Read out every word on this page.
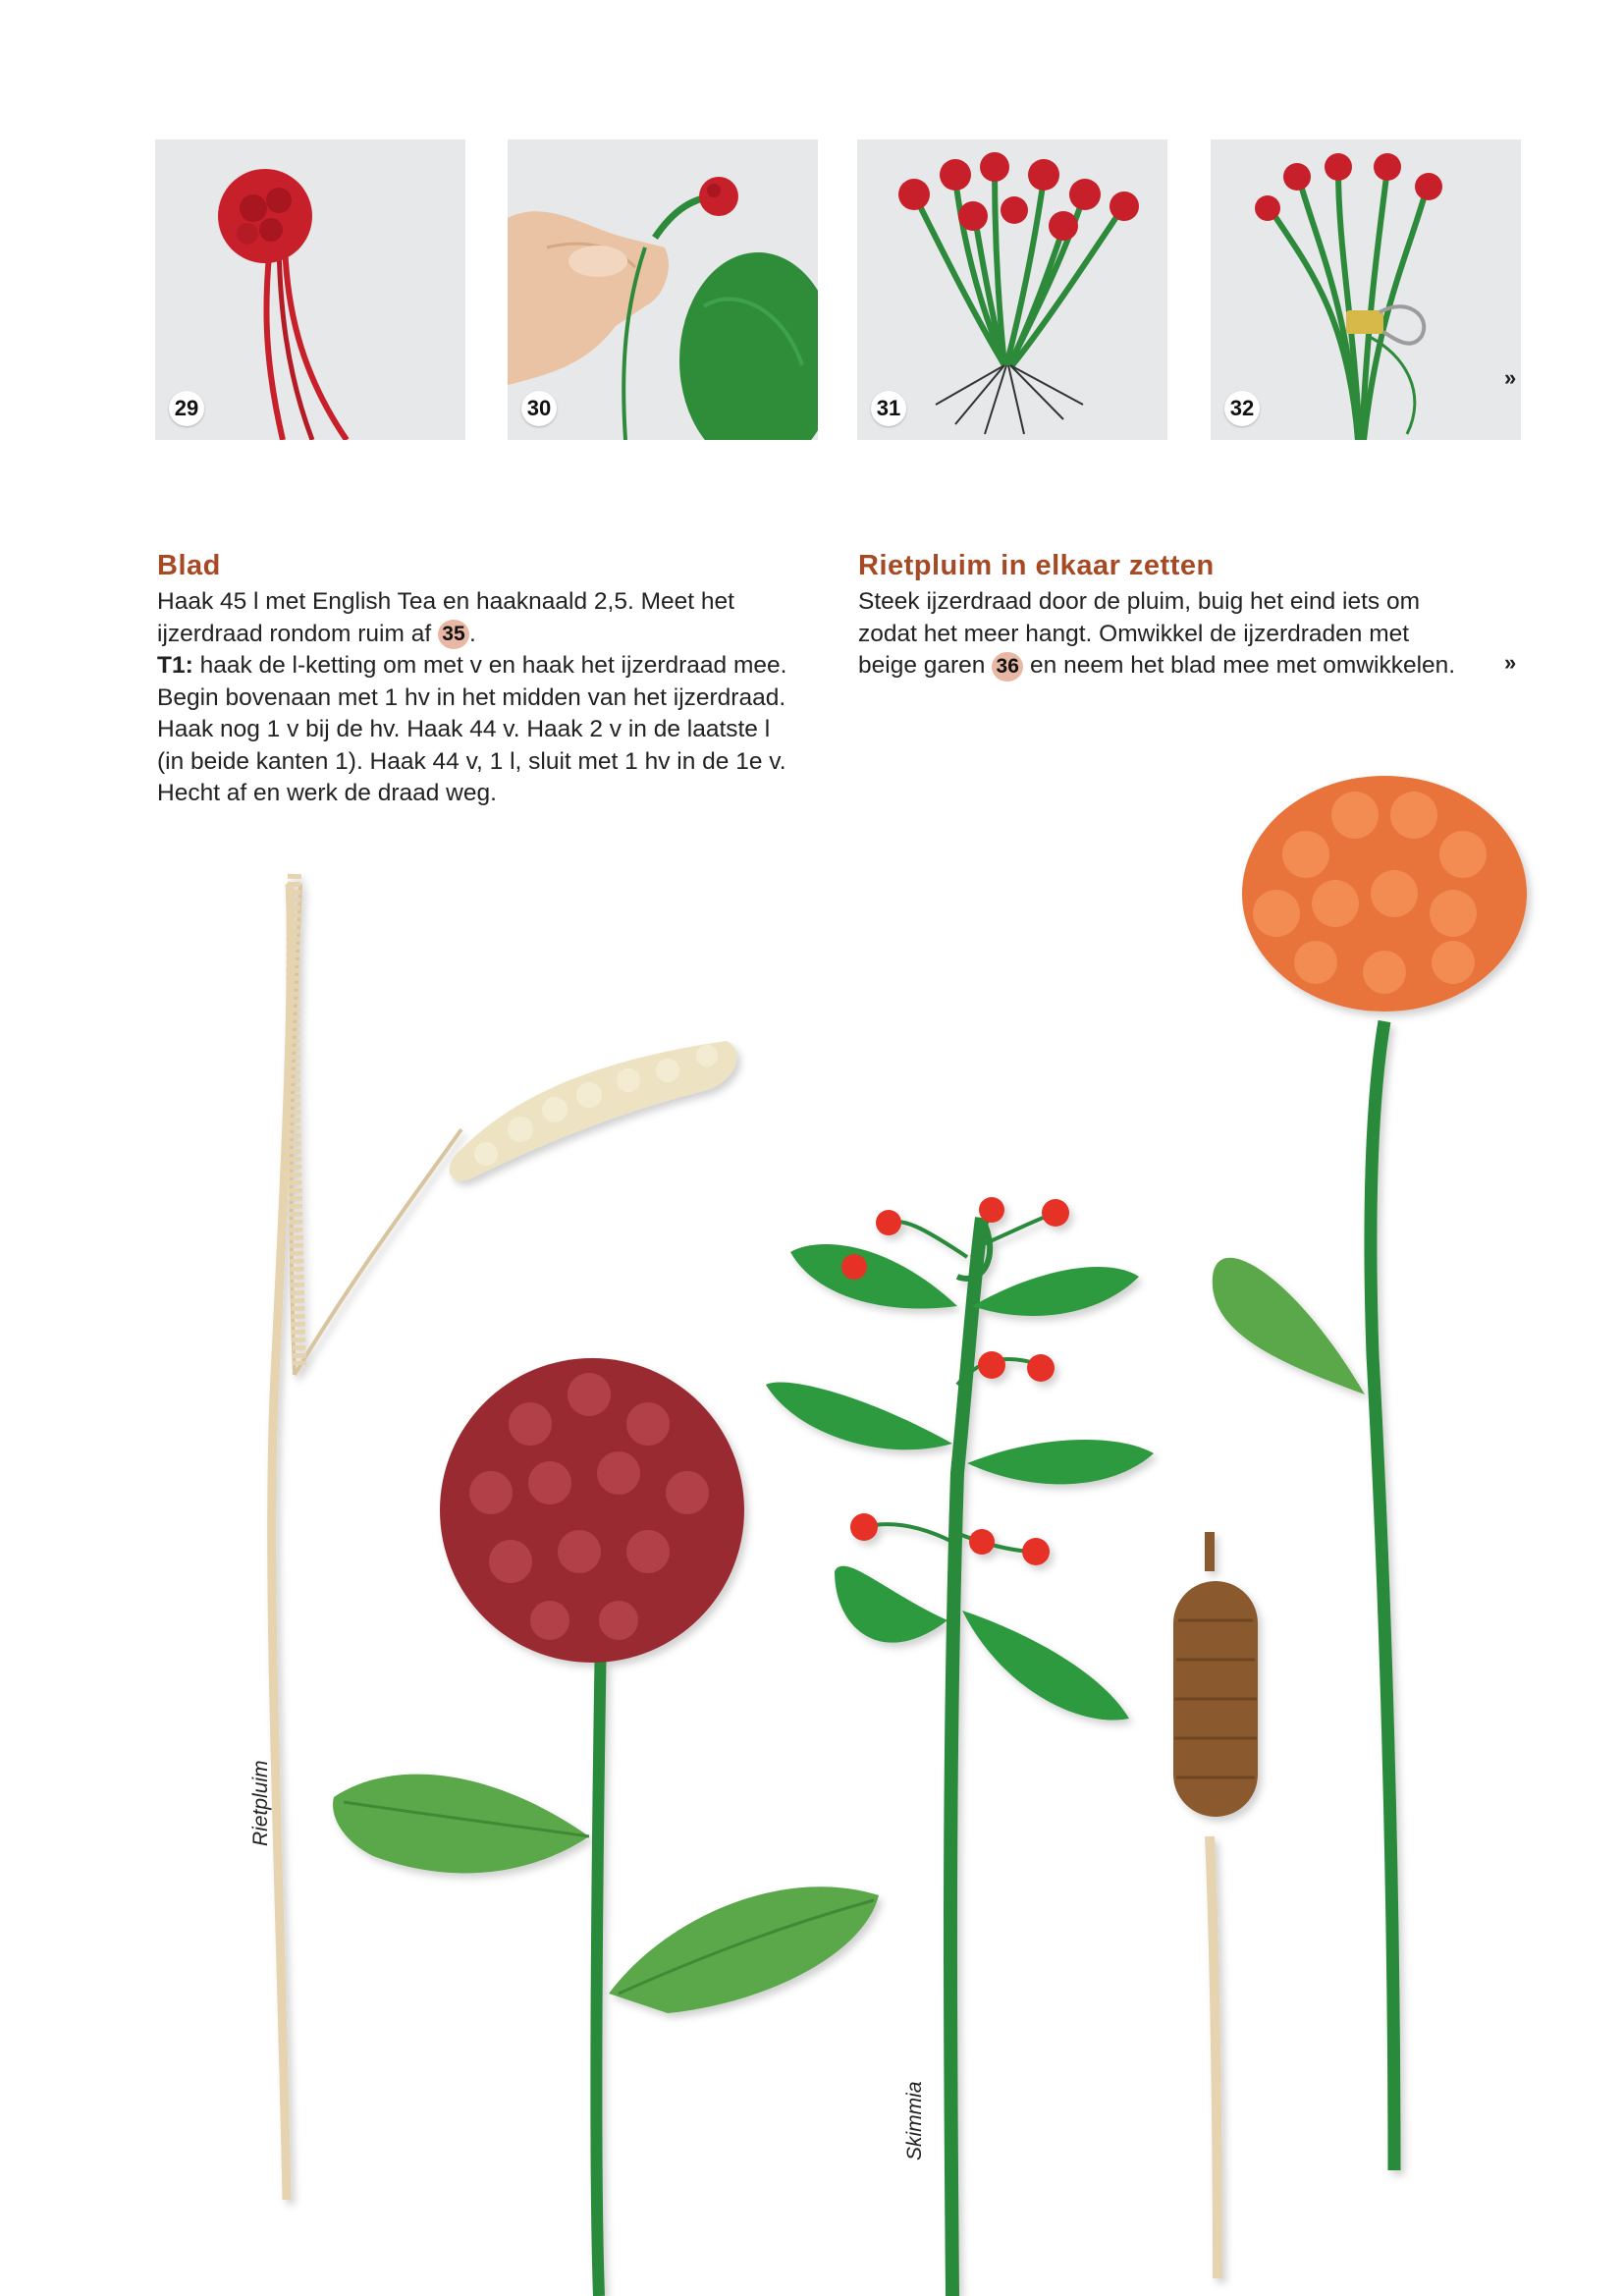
29	30	31	32
»
Blad
Haak 45 l met English Tea en haaknaald 2,5. Meet het
ijzerdraad rondom ruim af 35 .
T1: haak de l-ketting om met v en haak het ijzerdraad mee.
Begin bovenaan met 1 hv in het midden van het ijzerdraad.
Haak nog 1 v bij de hv. Haak 44 v. Haak 2 v in de laatste l
(in beide kanten 1). Haak 44 v, 1 l, sluit met 1 hv in de 1e v.
Hecht af en werk de draad weg.
Rietpluim in elkaar zetten
Steek ijzerdraad door de pluim, buig het eind iets om
zodat het meer hangt. Omwikkel de ijzerdraden met
beige garen 36 en neem het blad mee met omwikkelen.	»
Rietpluim
Skimmia
